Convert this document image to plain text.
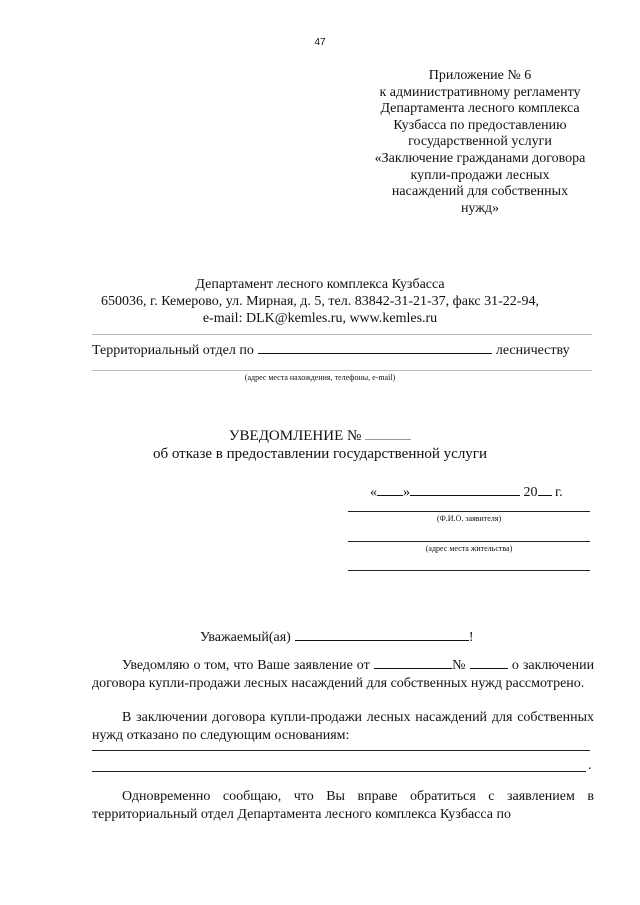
47
Приложение № 6
к административному регламенту
Департамента лесного комплекса
Кузбасса по предоставлению
государственной услуги
«Заключение гражданами договора
купли-продажи лесных
насаждений для собственных
нужд»
Департамент лесного комплекса Кузбасса
650036, г. Кемерово, ул. Мирная, д. 5, тел. 83842-31-21-37, факс 31-22-94,
e-mail: DLK@kemles.ru, www.kemles.ru
Территориальный отдел по	лесничеству
(адрес места нахождения, телефоны, e-mail)
УВЕДОМЛЕНИЕ №
об отказе в предоставлении государственной услуги
« »	20 г.
(Ф.И.О. заявителя)
(адрес места жительства)
Уважаемый(ая)	!
Уведомляю о том, что Ваше заявление от	№	о заключении договора купли-продажи лесных насаждений для собственных нужд рассмотрено.
В заключении договора купли-продажи лесных насаждений для собственных нужд отказано по следующим основаниям:
.
Одновременно сообщаю, что Вы вправе обратиться с заявлением в территориальный отдел Департамента лесного комплекса Кузбасса по
